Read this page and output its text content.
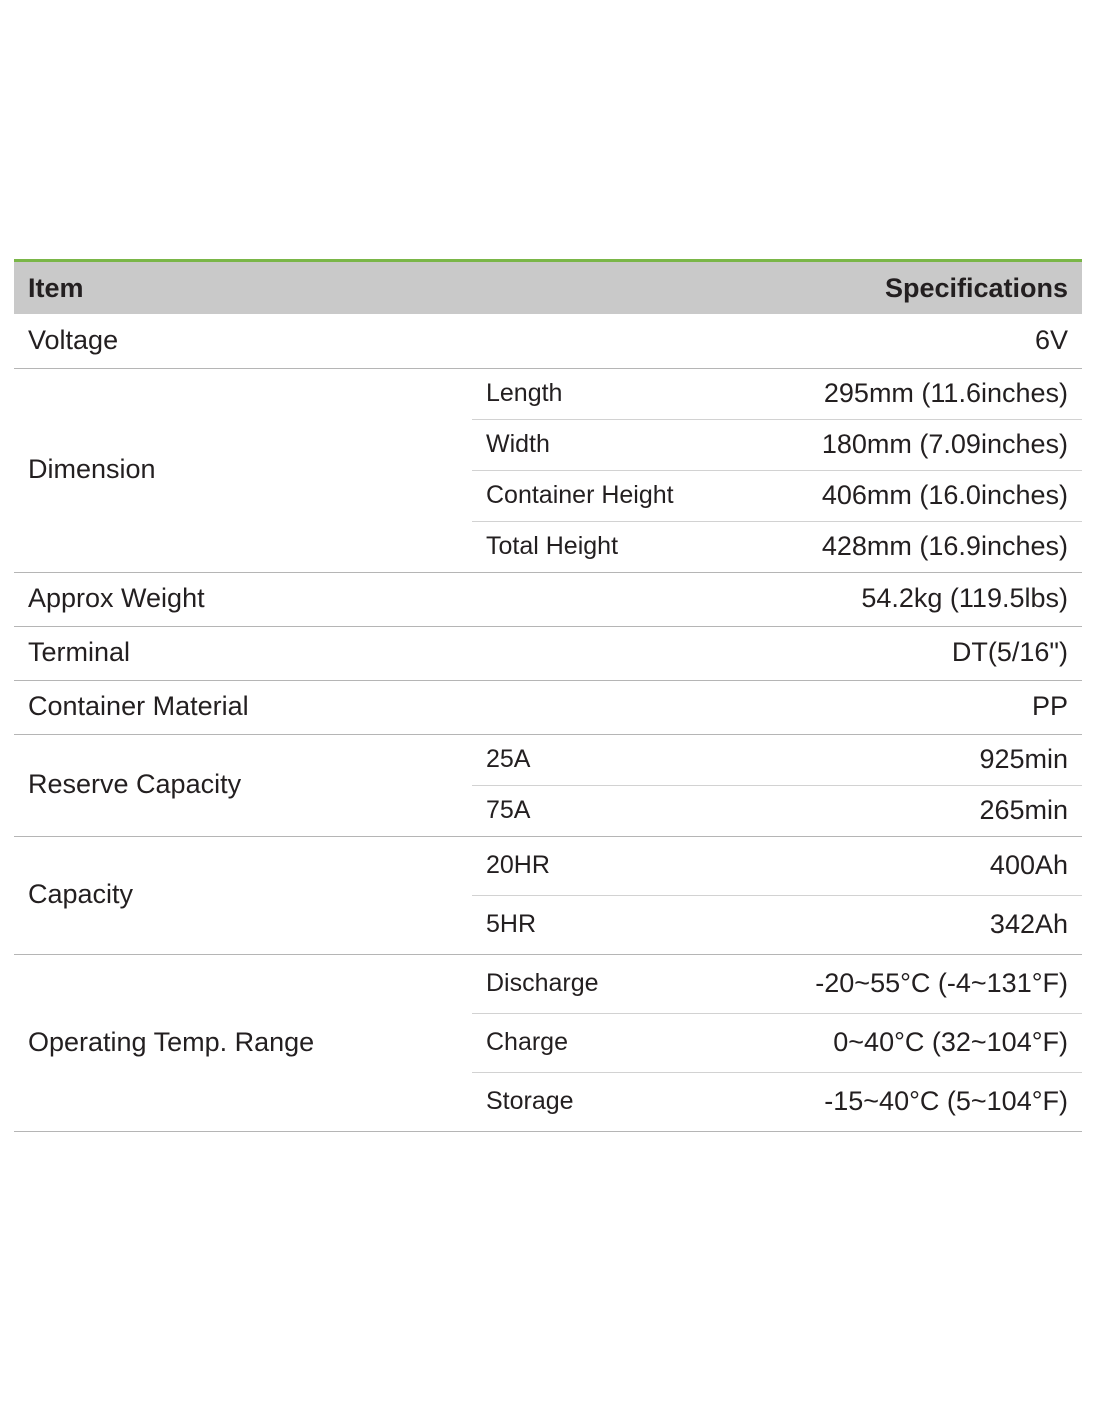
Item	Specifications	
Voltage	6V	
Dimension	Length	295mm (11.6inches)
	Width	180mm (7.09inches)
	Container Height	406mm (16.0inches)
	Total Height	428mm (16.9inches)
Approx Weight	54.2kg (119.5lbs)	
Terminal	DT(5/16")	
Container Material	PP	
Reserve Capacity	25A	925min
	75A	265min
Capacity	20HR	400Ah
	5HR	342Ah
Operating Temp. Range	Discharge	-20~55°C (-4~131°F)
	Charge	0~40°C (32~104°F)
	Storage	-15~40°C (5~104°F)
